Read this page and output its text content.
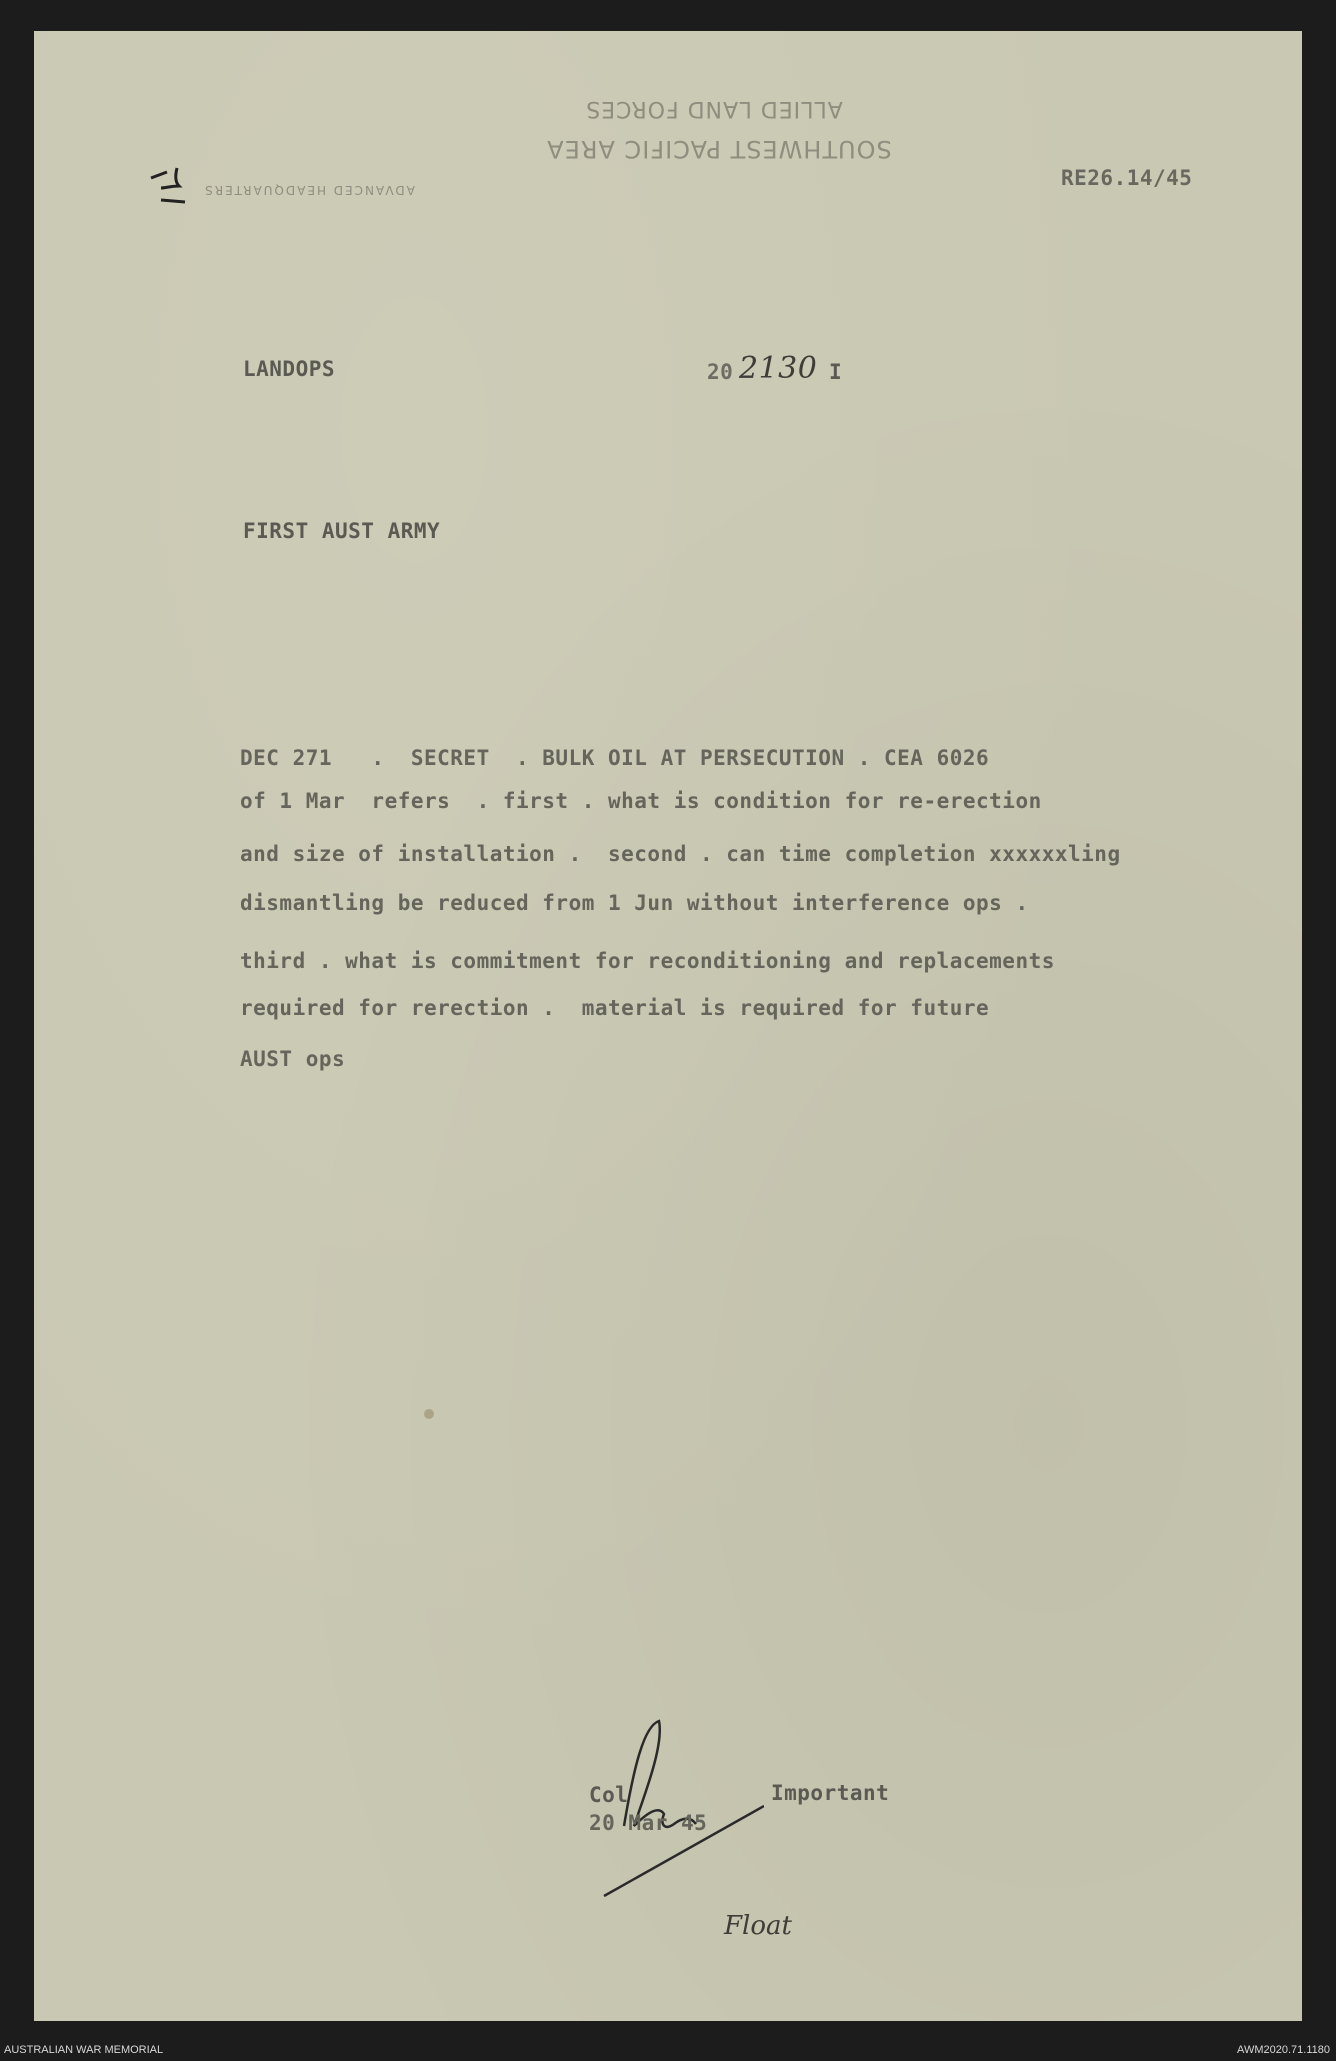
ALLIED LAND FORCES
SOUTHWEST PACIFIC AREA
ADVANCED HEADQUARTERS	RE26.14/45
LANDOPS	20 2130 I
FIRST AUST ARMY
DEC 271   .  SECRET  . BULK OIL AT PERSECUTION . CEA 6026
of 1 Mar  refers  . first . what is condition for re-erection
and size of installation .  second . can time completion xxxxxxling
dismantling be reduced from 1 Jun without interference ops .
third . what is commitment for reconditioning and replacements
required for rerection .  material is required for future
AUST ops
Col	Important
20 Mar 45
Float
AUSTRALIAN WAR MEMORIAL	AWM2020.71.1180
